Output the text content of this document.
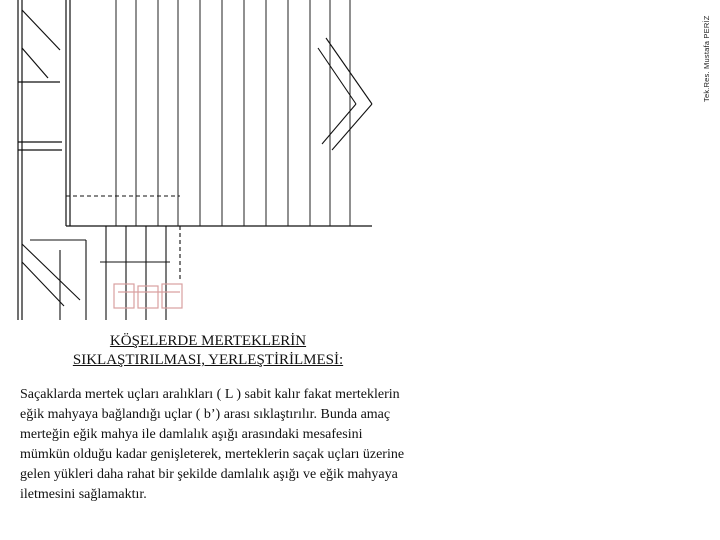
Tek.Res. Mustafa PERİZ
KÖŞELERDE MERTEKLERİN
SIKLAŞTIRILMASI, YERLEŞTİRİLMESİ:

Saçaklarda mertek uçları aralıkları ( L ) sabit kalır fakat merteklerin eğik mahyaya bağlandığı uçlar ( b’) arası sıklaştırılır. Bunda amaç merteğin eğik mahya ile damlalık aşığı arasındaki mesafesini mümkün olduğu kadar genişleterek, merteklerin saçak uçları üzerine gelen yükleri daha rahat bir şekilde damlalık aşığı ve eğik mahyaya iletmesini sağlamaktır.
